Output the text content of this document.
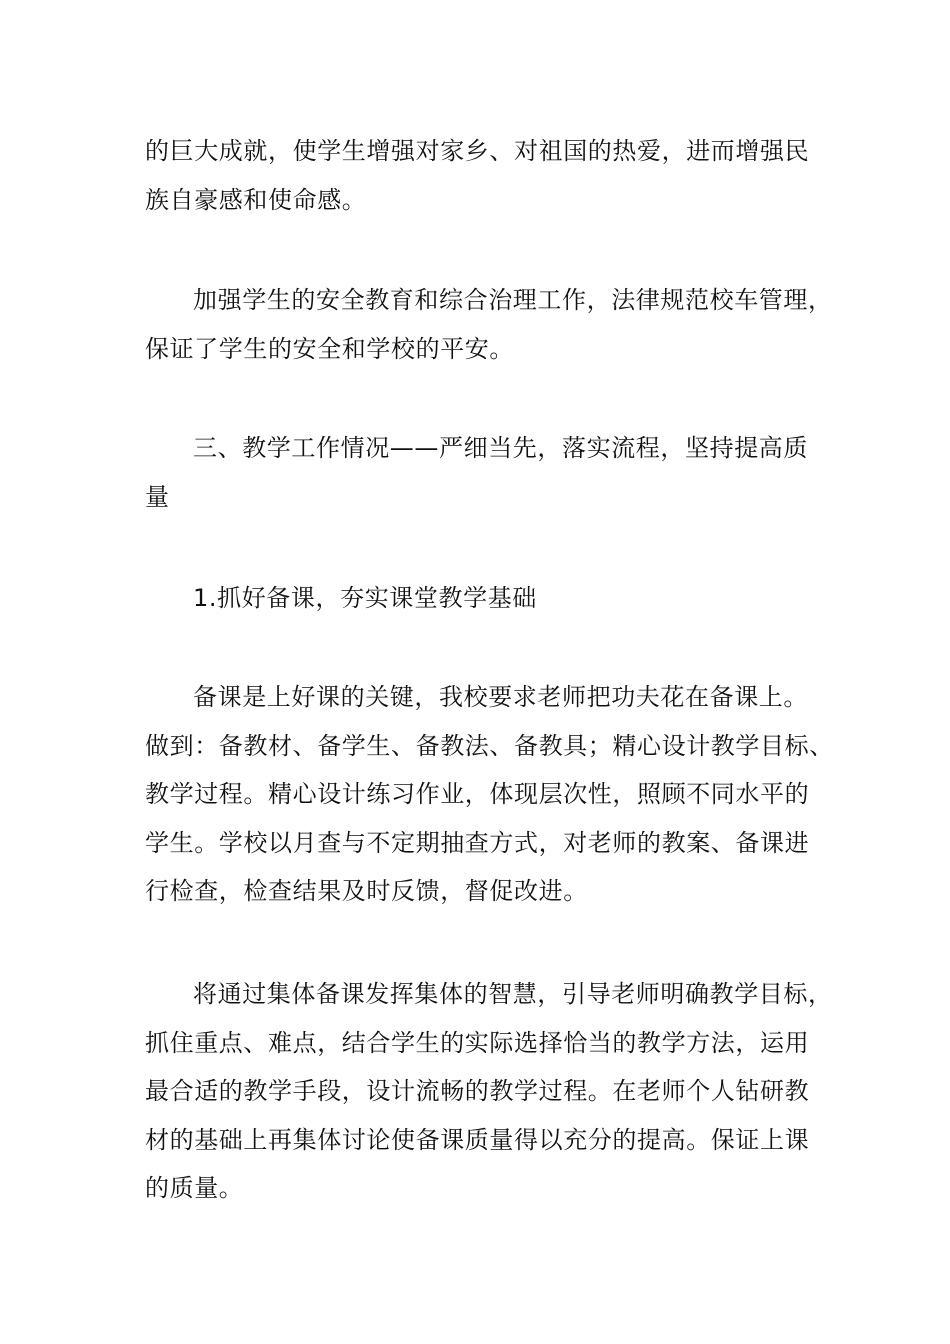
的巨大成就，使学生增强对家乡、对祖国的热爱，进而增强民
族自豪感和使命感。

加强学生的安全教育和综合治理工作，法律规范校车管理，
保证了学生的安全和学校的平安。

三、教学工作情况——严细当先，落实流程，坚持提高质
量

1.抓好备课，夯实课堂教学基础

备课是上好课的关键，我校要求老师把功夫花在备课上。
做到：备教材、备学生、备教法、备教具；精心设计教学目标、
教学过程。精心设计练习作业，体现层次性，照顾不同水平的
学生。学校以月查与不定期抽查方式，对老师的教案、备课进
行检查，检查结果及时反馈，督促改进。

将通过集体备课发挥集体的智慧，引导老师明确教学目标，
抓住重点、难点，结合学生的实际选择恰当的教学方法，运用
最合适的教学手段，设计流畅的教学过程。在老师个人钻研教
材的基础上再集体讨论使备课质量得以充分的提高。保证上课
的质量。
